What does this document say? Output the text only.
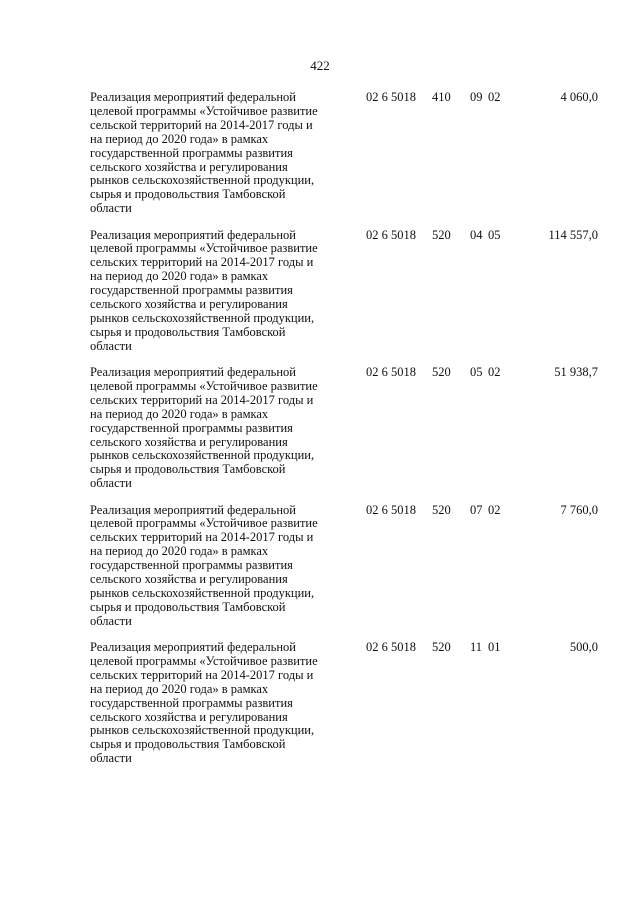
422
Реализация мероприятий федеральной
целевой программы «Устойчивое развитие
сельской территорий на 2014-2017 годы и
на период до 2020 года» в рамках
государственной программы развития
сельского хозяйства и регулирования
рынков сельскохозяйственной продукции,
сырья и продовольствия Тамбовской
области
02 6 5018 410 09 02	4 060,0
Реализация мероприятий федеральной
целевой программы «Устойчивое развитие
сельских территорий на 2014-2017 годы и
на период до 2020 года» в рамках
государственной программы развития
сельского хозяйства и регулирования
рынков сельскохозяйственной продукции,
сырья и продовольствия Тамбовской
области
02 6 5018 520 04 05	114 557,0
Реализация мероприятий федеральной
целевой программы «Устойчивое развитие
сельских территорий на 2014-2017 годы и
на период до 2020 года» в рамках
государственной программы развития
сельского хозяйства и регулирования
рынков сельскохозяйственной продукции,
сырья и продовольствия Тамбовской
области
02 6 5018 520 05 02	51 938,7
Реализация мероприятий федеральной
целевой программы «Устойчивое развитие
сельских территорий на 2014-2017 годы и
на период до 2020 года» в рамках
государственной программы развития
сельского хозяйства и регулирования
рынков сельскохозяйственной продукции,
сырья и продовольствия Тамбовской
области
02 6 5018 520 07 02	7 760,0
Реализация мероприятий федеральной
целевой программы «Устойчивое развитие
сельских территорий на 2014-2017 годы и
на период до 2020 года» в рамках
государственной программы развития
сельского хозяйства и регулирования
рынков сельскохозяйственной продукции,
сырья и продовольствия Тамбовской
области
02 6 5018 520 11 01	500,0
